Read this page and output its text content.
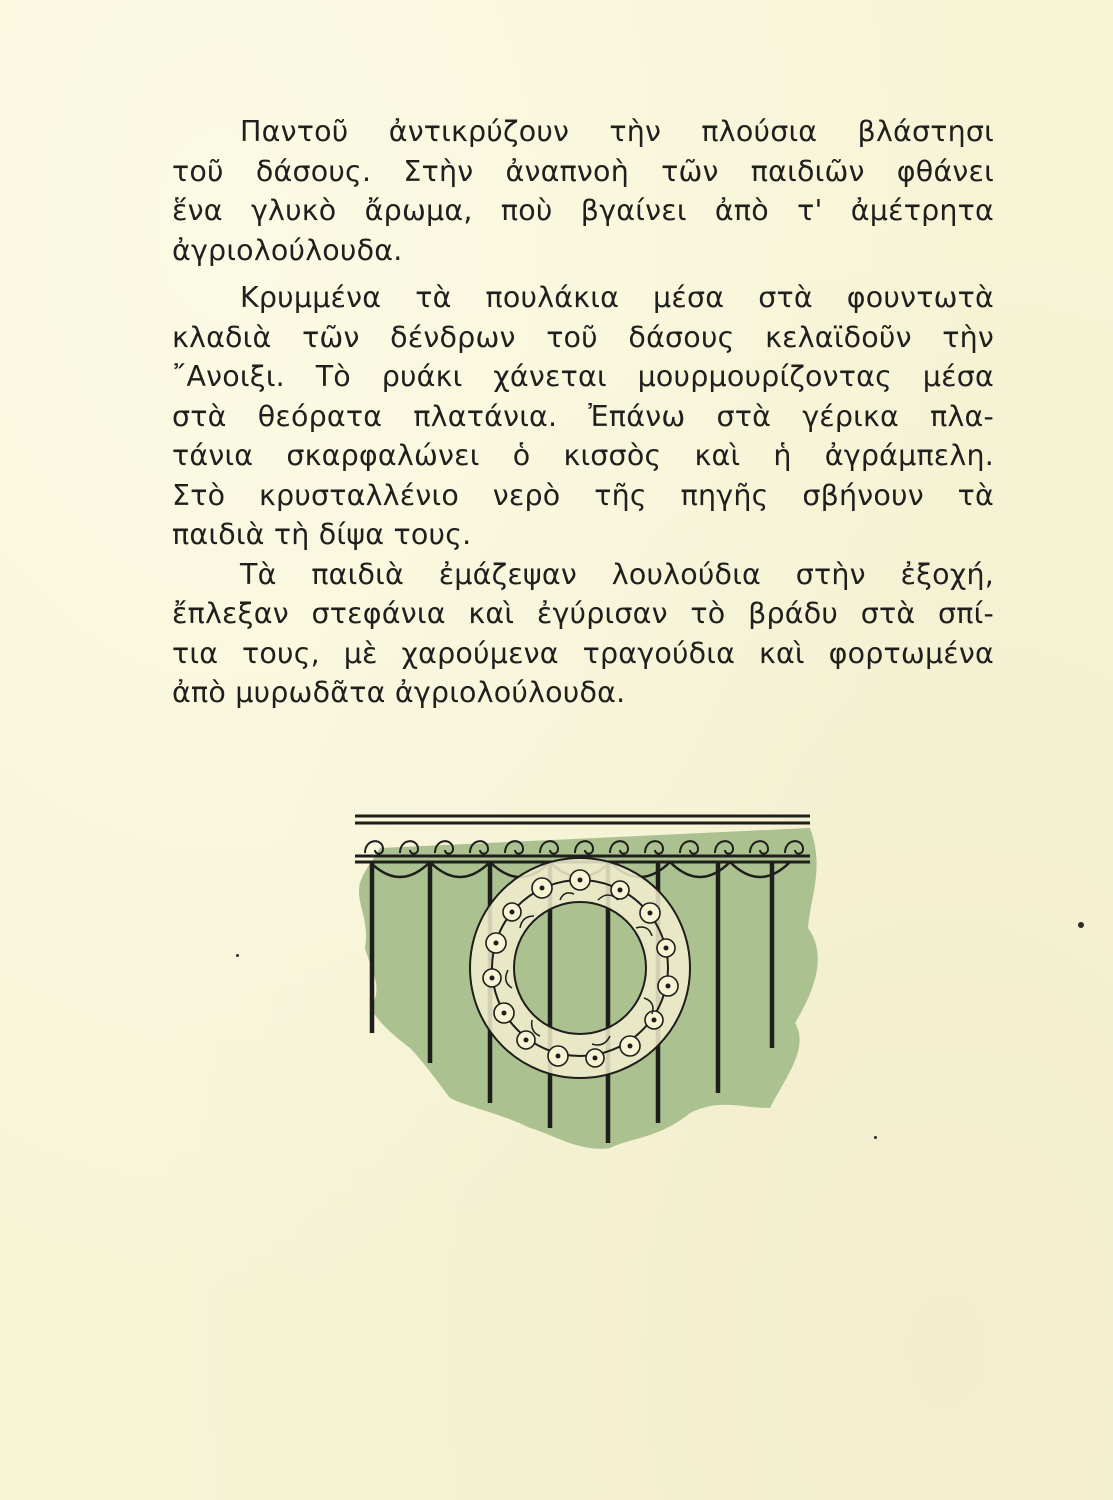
Παντοῦ ἀντικρύζουν τὴν πλούσια βλάστησι
τοῦ δάσους. Στὴν ἀναπνοὴ τῶν παιδιῶν φθάνει
ἕνα γλυκὸ ἄρωμα, ποὺ βγαίνει ἀπὸ τ' ἀμέτρητα
ἀγριολούλουδα.
Κρυμμένα τὰ πουλάκια μέσα στὰ φουντωτὰ
κλαδιὰ τῶν δένδρων τοῦ δάσους κελαϊδοῦν τὴν
῎Ανοιξι. Τὸ ρυάκι χάνεται μουρμουρίζοντας μέσα
στὰ θεόρατα πλατάνια. Ἐπάνω στὰ γέρικα πλα-
τάνια σκαρφαλώνει ὁ κισσὸς καὶ ἡ ἀγράμπελη.
Στὸ κρυσταλλένιο νερὸ τῆς πηγῆς σβήνουν τὰ
παιδιὰ τὴ δίψα τους.
Τὰ παιδιὰ ἐμάζεψαν λουλούδια στὴν ἐξοχή,
ἔπλεξαν στεφάνια καὶ ἐγύρισαν τὸ βράδυ στὰ σπί-
τια τους, μὲ χαρούμενα τραγούδια καὶ φορτωμένα
ἀπὸ μυρωδᾶτα ἀγριολούλουδα.
